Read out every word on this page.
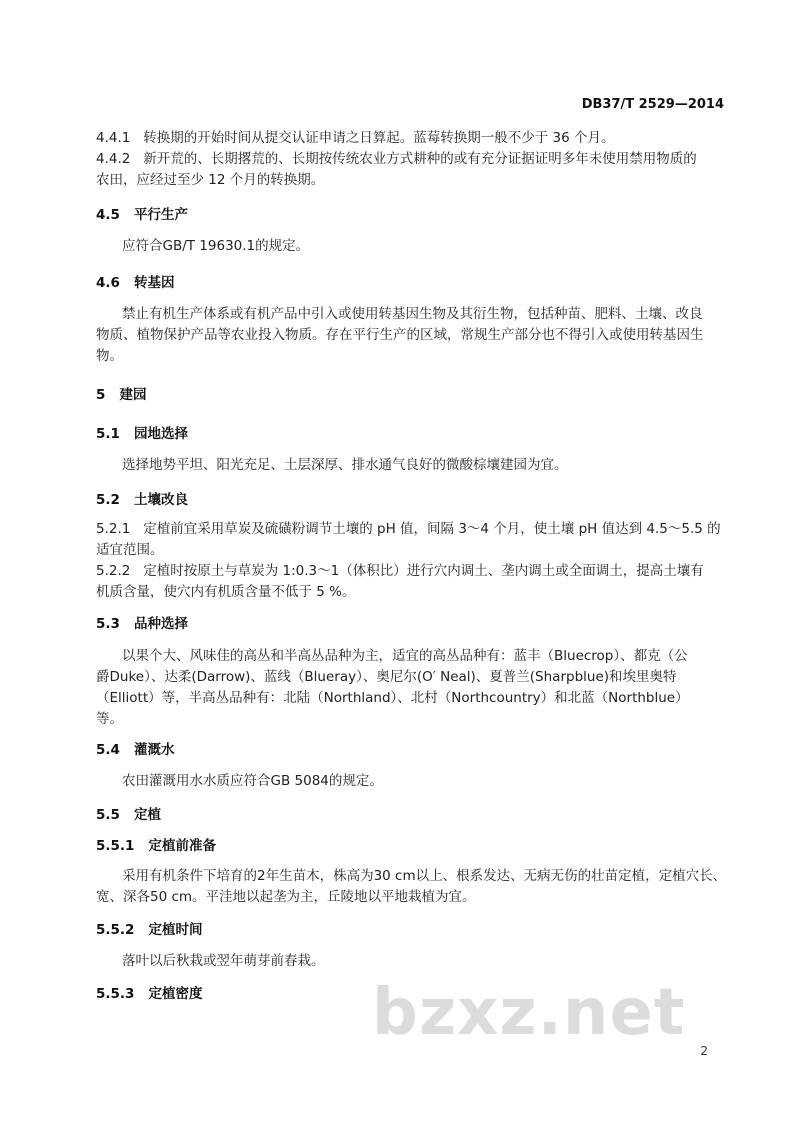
DB37/T 2529—2014
4.4.1 转换期的开始时间从提交认证申请之日算起。蓝莓转换期一般不少于 36 个月。
4.4.2 新开荒的、长期撂荒的、长期按传统农业方式耕种的或有充分证据证明多年未使用禁用物质的
农田，应经过至少 12 个月的转换期。
4.5 平行生产
应符合GB/T 19630.1的规定。
4.6 转基因
禁止有机生产体系或有机产品中引入或使用转基因生物及其衍生物，包括种苗、肥料、土壤、改良
物质、植物保护产品等农业投入物质。存在平行生产的区域，常规生产部分也不得引入或使用转基因生
物。
5 建园
5.1 园地选择
选择地势平坦、阳光充足、土层深厚、排水通气良好的微酸棕壤建园为宜。
5.2 土壤改良
5.2.1 定植前宜采用草炭及硫磺粉调节土壤的 pH 值，间隔 3～4 个月，使土壤 pH 值达到 4.5～5.5 的
适宜范围。
5.2.2 定植时按原土与草炭为 1:0.3～1（体积比）进行穴内调土、垄内调土或全面调土，提高土壤有
机质含量，使穴内有机质含量不低于 5 %。
5.3 品种选择
以果个大、风味佳的高丛和半高丛品种为主，适宜的高丛品种有：蓝丰（Bluecrop）、都克（公
爵Duke）、达柔(Darrow)、蓝线（Blueray）、奥尼尔(O′ Neal)、夏普兰(Sharpblue)和埃里奥特
（Elliott）等，半高丛品种有：北陆（Northland）、北村（Northcountry）和北蓝（Northblue）
等。
5.4 灌溉水
农田灌溉用水水质应符合GB 5084的规定。
5.5 定植
5.5.1 定植前准备
采用有机条件下培育的2年生苗木，株高为30 cm以上、根系发达、无病无伤的壮苗定植，定植穴长、
宽、深各50 cm。平洼地以起垄为主，丘陵地以平地栽植为宜。
5.5.2 定植时间
落叶以后秋栽或翌年萌芽前春栽。
5.5.3 定植密度	bzxz.net
2
